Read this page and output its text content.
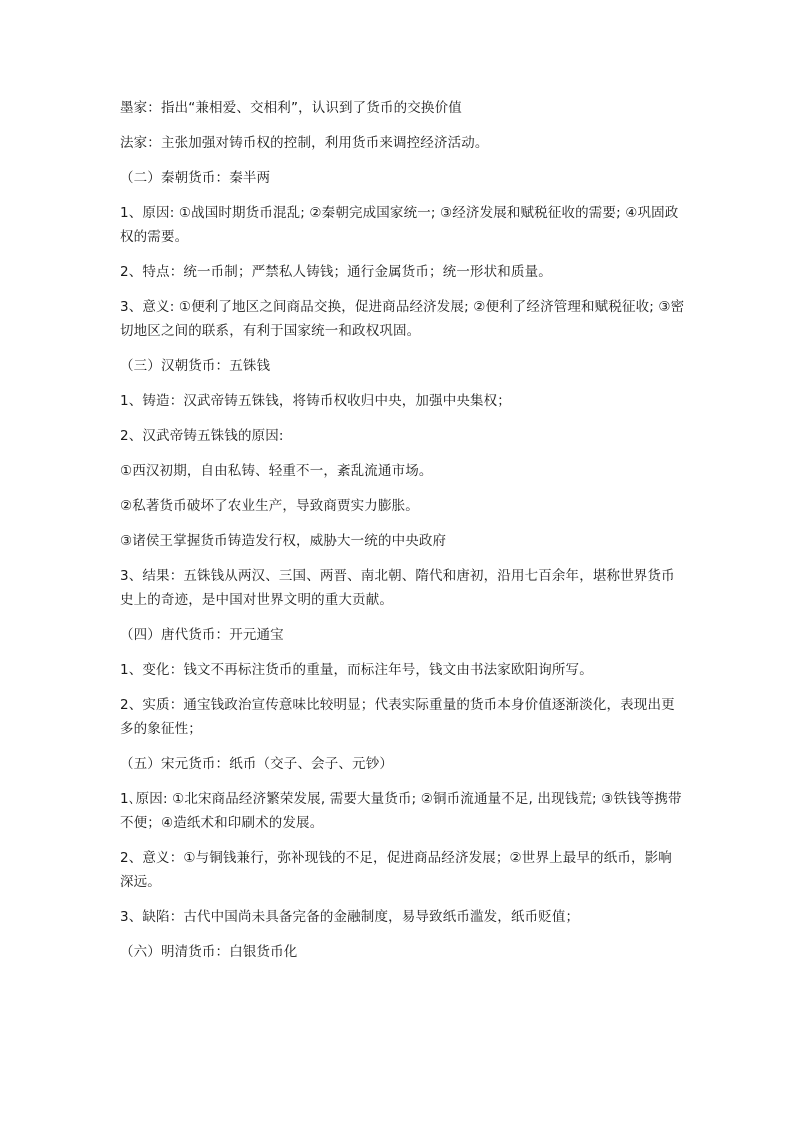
墨家：指出“兼相爱、交相利”，认识到了货币的交换价值

法家：主张加强对铸币权的控制，利用货币来调控经济活动。

（二）秦朝货币：秦半两

1、原因: ①战国时期货币混乱; ②秦朝完成国家统一; ③经济发展和赋税征收的需要; ④巩固政权的需要。

2、特点：统一币制；严禁私人铸钱；通行金属货币；统一形状和质量。

3、意义: ①便利了地区之间商品交换，促进商品经济发展; ②便利了经济管理和赋税征收; ③密切地区之间的联系，有利于国家统一和政权巩固。

（三）汉朝货币：五铢钱

1、铸造：汉武帝铸五铢钱，将铸币权收归中央，加强中央集权；

2、汉武帝铸五铢钱的原因:

①西汉初期，自由私铸、轻重不一，紊乱流通市场。

②私著货币破坏了农业生产，导致商贾实力膨胀。

③诸侯王掌握货币铸造发行权，威胁大一统的中央政府

3、结果：五铢钱从两汉、三国、两晋、南北朝、隋代和唐初，沿用七百余年，堪称世界货币史上的奇迹，是中国对世界文明的重大贡献。

（四）唐代货币：开元通宝

1、变化：钱文不再标注货币的重量，而标注年号，钱文由书法家欧阳询所写。

2、实质：通宝钱政治宣传意味比较明显；代表实际重量的货币本身价值逐渐淡化，表现出更多的象征性；

（五）宋元货币：纸币（交子、会子、元钞）

1､原因: ①北宋商品经济繁荣发展, 需要大量货币; ②铜币流通量不足, 出现钱荒; ③铁钱等携带不便；④造纸术和印刷术的发展。

2、意义：①与铜钱兼行，弥补现钱的不足，促进商品经济发展；②世界上最早的纸币，影响深远。

3、缺陷：古代中国尚未具备完备的金融制度，易导致纸币滥发，纸币贬值；

（六）明清货币：白银货币化
